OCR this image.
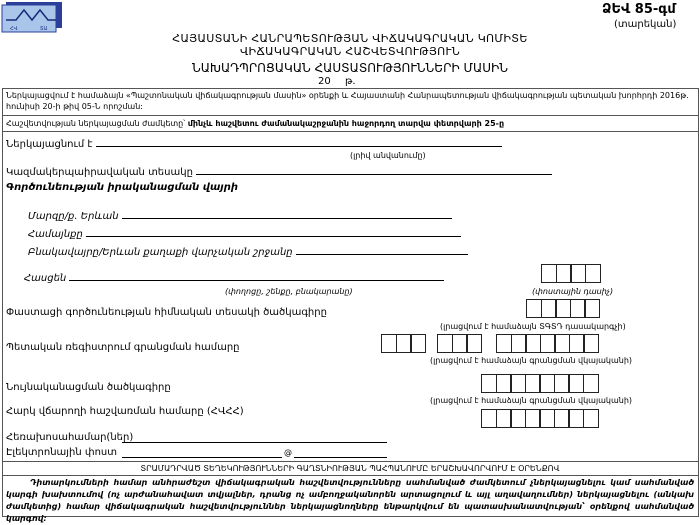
ՀՎ	ՏԱ
ՁԵՎ 85-գմ
(տարեկան)
ՀԱՅԱՍՏԱՆԻ ՀԱՆՐԱՊԵՏՈՒԹՅԱՆ ՎԻՃԱԿԱԳՐԱԿԱՆ ԿՈՄԻՏԵ
ՎԻՃԱԿԱԳՐԱԿԱՆ ՀԱՇՎԵՏՎՈՒԹՅՈՒՆ
ՆԱԽԱԴՊՐՈՑԱԿԱՆ ՀԱՍՏԱՏՈՒԹՅՈՒՆՆԵՐԻ ՄԱՍԻՆ
20 թ.
Ներկայացվում է համաձայն «Պաշտոնական վիճակագրության մասին» օրենքի և Հայաստանի Հանրապետության վիճակագրության պետական խորհրդի 2016թ. հունիսի 20-ի թիվ 05-Ն որոշման:
Հաշվետվության ներկայացման ժամկետը՝ մինչև հաշվետու ժամանակաշրջանին հաջորդող տարվա փետրվարի 25-ը
Ներկայացնում է
(լրիվ անվանումը)
Կազմակերպաիրավական տեսակը
Գործունեության իրականացման վայրի
Մարզը/ք. Երևան
Համայնքը
Բնակավայրը/Երևան քաղաքի վարչական շրջանը
Հասցեն
(փողոցը, շենքը, բնակարանը)	(փոստային դասիչ)
Փաստացի գործունեության հիմնական տեսակի ծածկագիրը
(լրացվում է համաձայն ՏԳՏԴ դասակարգչի)
Պետական ռեգիստրում գրանցման համարը
(լրացվում է համաձայն գրանցման վկայականի)
Նույնականացման ծածկագիրը
(լրացվում է համաձայն գրանցման վկայականի)
Հարկ վճարողի հաշվառման համարը (ՀՎՀՀ)
Հեռախոսահամար(ներ)
Էլեկտրոնային փոստ	@
ՏՐԱՄԱԴՐՎԱԾ ՏԵՂԵԿՈՒԹՅՈՒՆՆԵՐԻ ԳԱՂՏՆԻՈՒԹՅԱՆ ՊԱՀՊԱՆՈՒՄԸ ԵՐԱՇԽԱՎՈՐՎՈՒՄ Է ՕՐԵՆՔՈՎ
Դիտարկումների համար անհրաժեշտ վիճակագրական հաշվետվությունները սահմանված ժամկետում չներկայացնելու կամ սահմանված կարգի խախտումով (ոչ արժանահավատ տվյալներ, դրանց ոչ ամբողջականորեն արտացոլում և այլ աղավաղումներ) ներկայացնելու (անկախ ժամկետից) համար վիճակագրական հաշվետվություններ ներկայացնողները ենթարկվում են պատասխանատվության՝ օրենքով սահմանված կարգով:
